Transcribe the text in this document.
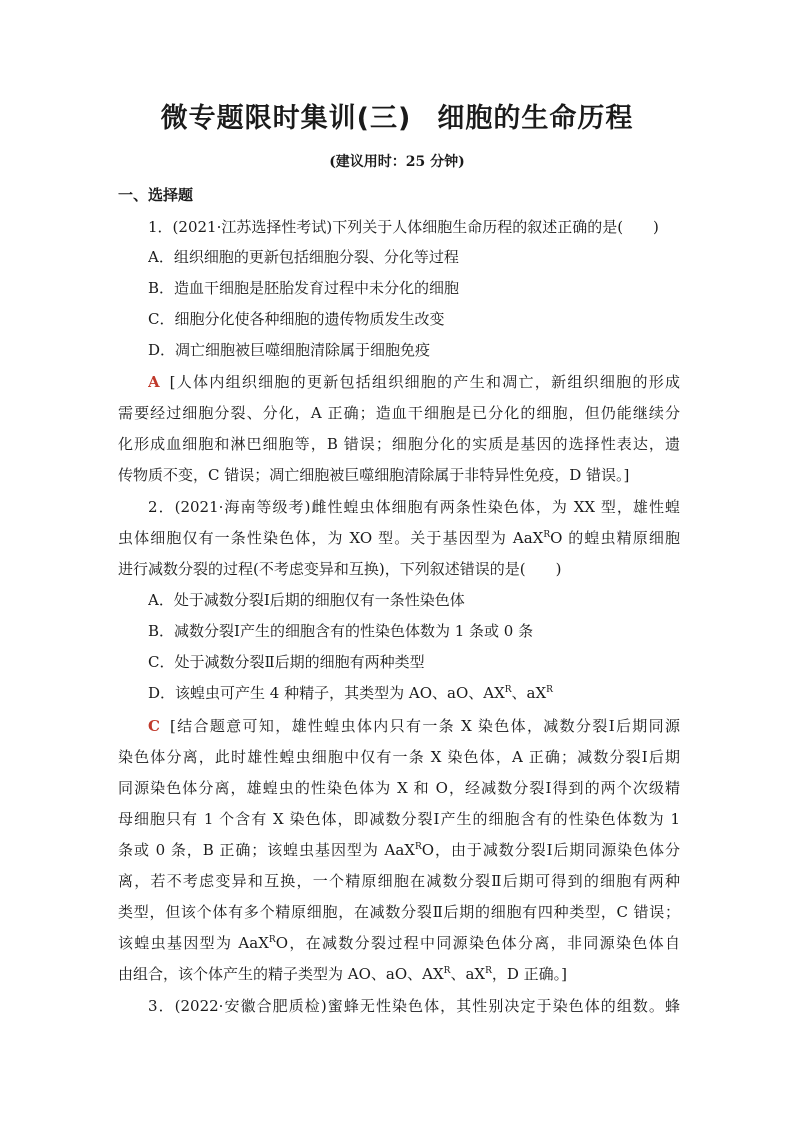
微专题限时集训(三) 细胞的生命历程
(建议用时：25 分钟)
一、选择题
1．(2021·江苏选择性考试)下列关于人体细胞生命历程的叙述正确的是( )
A．组织细胞的更新包括细胞分裂、分化等过程
B．造血干细胞是胚胎发育过程中未分化的细胞
C．细胞分化使各种细胞的遗传物质发生改变
D．凋亡细胞被巨噬细胞清除属于细胞免疫
A [人体内组织细胞的更新包括组织细胞的产生和凋亡，新组织细胞的形成
需要经过细胞分裂、分化，A 正确；造血干细胞是已分化的细胞，但仍能继续分
化形成血细胞和淋巴细胞等，B 错误；细胞分化的实质是基因的选择性表达，遗
传物质不变，C 错误；凋亡细胞被巨噬细胞清除属于非特异性免疫，D 错误。]
2．(2021·海南等级考)雌性蝗虫体细胞有两条性染色体，为 XX 型，雄性蝗
虫体细胞仅有一条性染色体，为 XO 型。关于基因型为 AaX$^R$O 的蝗虫精原细胞
进行减数分裂的过程(不考虑变异和互换)，下列叙述错误的是( )
A．处于减数分裂Ⅰ后期的细胞仅有一条性染色体
B．减数分裂Ⅰ产生的细胞含有的性染色体数为 1 条或 0 条
C．处于减数分裂Ⅱ后期的细胞有两种类型
D．该蝗虫可产生 4 种精子，其类型为 AO、aO、$AX^R$、$aX^R$
C [结合题意可知，雄性蝗虫体内只有一条 X 染色体，减数分裂Ⅰ后期同源
染色体分离，此时雄性蝗虫细胞中仅有一条 X 染色体，A 正确；减数分裂Ⅰ后期
同源染色体分离，雄蝗虫的性染色体为 X 和 O，经减数分裂Ⅰ得到的两个次级精
母细胞只有 1 个含有 X 染色体，即减数分裂Ⅰ产生的细胞含有的性染色体数为 1
条或 0 条，B 正确；该蝗虫基因型为 AaX$^R$O，由于减数分裂Ⅰ后期同源染色体分
离，若不考虑变异和互换，一个精原细胞在减数分裂Ⅱ后期可得到的细胞有两种
类型，但该个体有多个精原细胞，在减数分裂Ⅱ后期的细胞有四种类型，C 错误；
该蝗虫基因型为 AaX$^R$O，在减数分裂过程中同源染色体分离，非同源染色体自
由组合，该个体产生的精子类型为 AO、aO、$AX^R$、$aX^R$，D 正确。]
3．(2022·安徽合肥质检)蜜蜂无性染色体，其性别决定于染色体的组数。蜂
